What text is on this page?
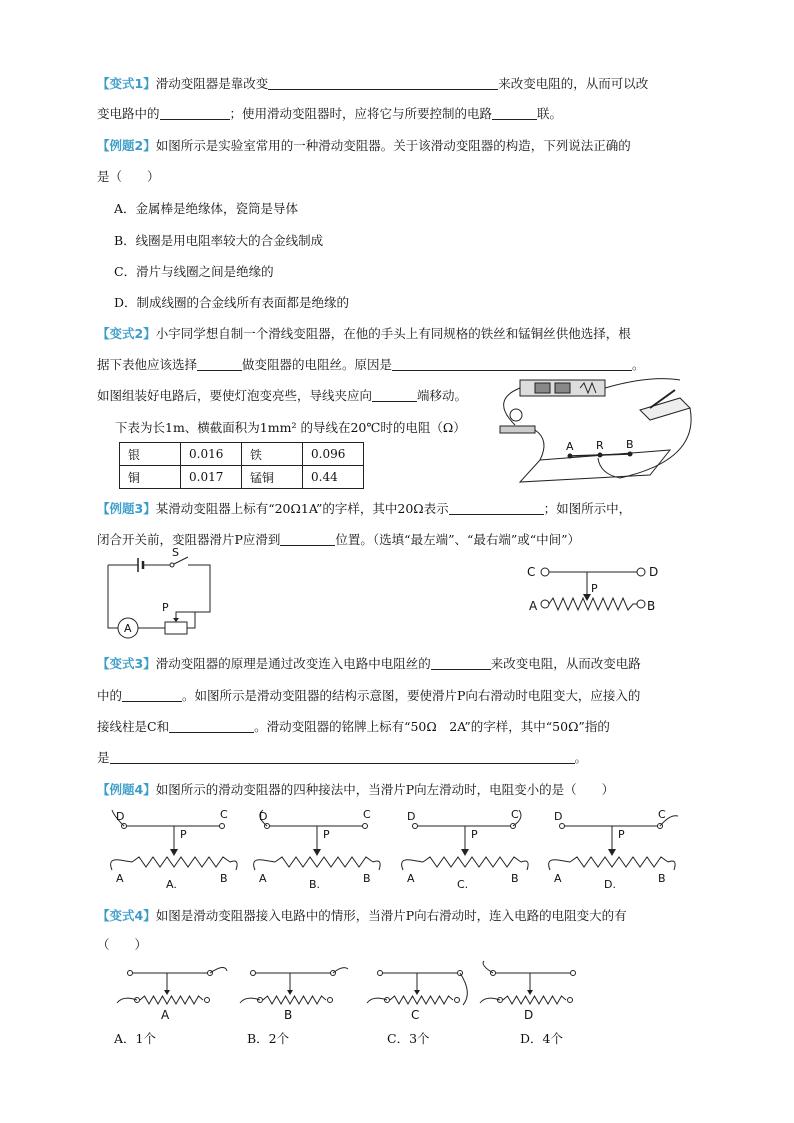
【变式1】滑动变阻器是靠改变	来改变电阻的，从而可以改
变电路中的	；使用滑动变阻器时，应将它与所要控制的电路	联。
【例题2】如图所示是实验室常用的一种滑动变阻器。关于该滑动变阻器的构造，下列说法正确的
是（　　）
A．金属棒是绝缘体，瓷筒是导体
B．线圈是用电阻率较大的合金线制成
C．滑片与线圈之间是绝缘的
D．制成线圈的合金线所有表面都是绝缘的
【变式2】小宇同学想自制一个滑线变阻器，在他的手头上有同规格的铁丝和锰铜丝供他选择，根
据下表他应该选择	做变阻器的电阻丝。原因是	。
如图组装好电路后，要使灯泡变亮些，导线夹应向	端移动。
下表为长1m、横截面积为1mm² 的导线在20℃时的电阻（Ω）
银	0.016	铁	0.096
铜	0.017	锰铜	0.44
A R B
【例题3】某滑动变阻器上标有“20Ω1A”的字样，其中20Ω表示	；如图所示中，
闭合开关前，变阻器滑片P应滑到	位置。（选填“最左端”、“最右端”或“中间”）
S
P
A
C	D
P
A	B
【变式3】滑动变阻器的原理是通过改变连入电路中电阻丝的	来改变电阻，从而改变电路
中的	。如图所示是滑动变阻器的结构示意图，要使滑片P向右滑动时电阻变大，应接入的
接线柱是C和	。滑动变阻器的铭牌上标有“50Ω　2A”的字样，其中“50Ω”指的
是	。
【例题4】如图所示的滑动变阻器的四种接法中，当滑片P向左滑动时，电阻变小的是（　　）
D	C
P
A	B
A.
D	C
P
A	B
B.
D	C
P
A	B
C.
D	C
P
A	B
D.
【变式4】如图是滑动变阻器接入电路中的情形，当滑片P向右滑动时，连入电路的电阻变大的有
（　　）
A	B	C	D
A．1个	B．2个	C．3个	D．4个
